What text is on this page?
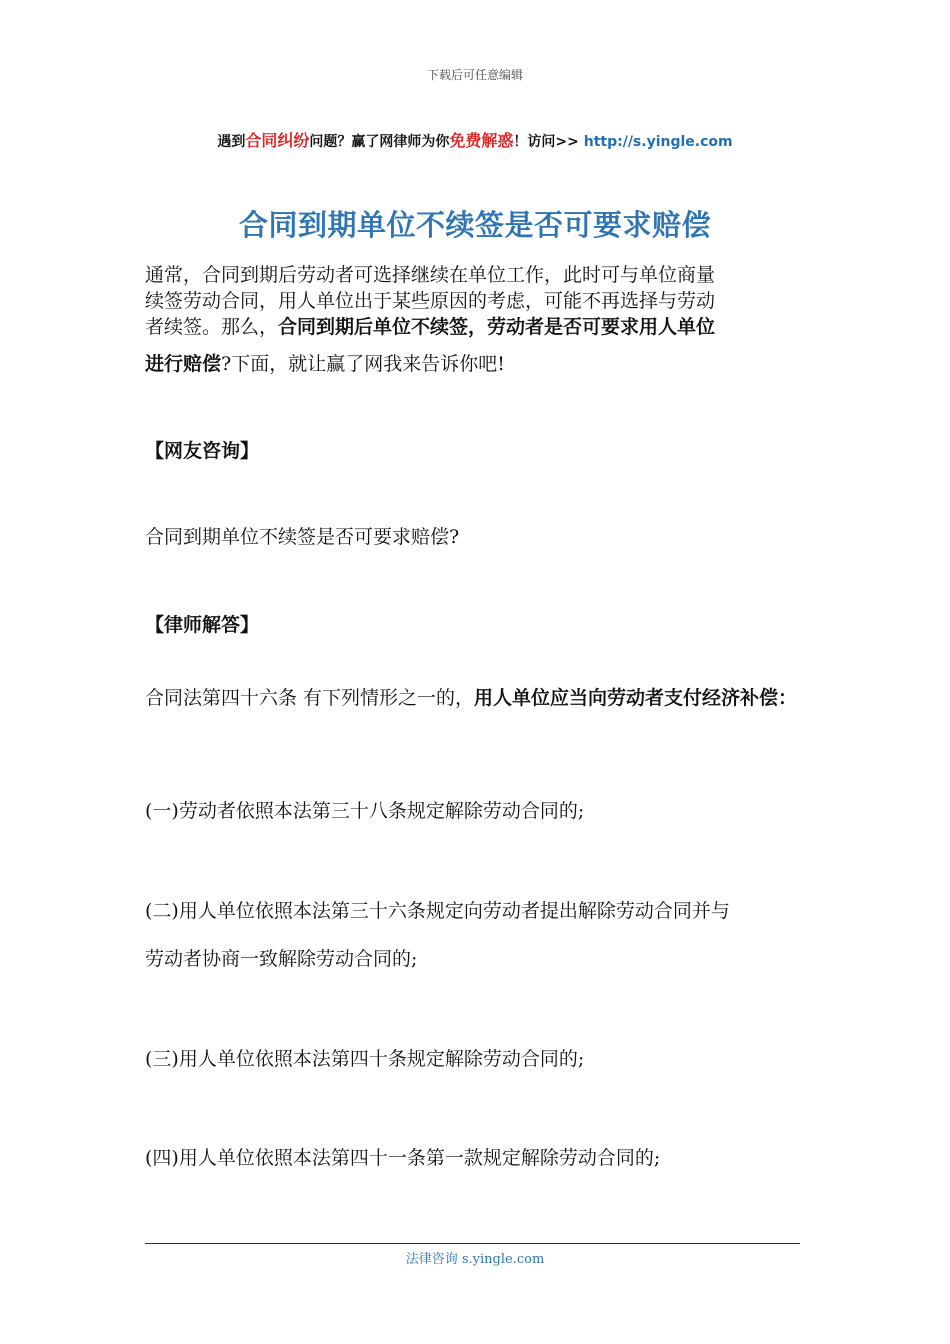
下载后可任意编辑
遇到合同纠纷问题？赢了网律师为你免费解惑！访问>> http://s.yingle.com
合同到期单位不续签是否可要求赔偿
通常，合同到期后劳动者可选择继续在单位工作，此时可与单位商量
续签劳动合同，用人单位出于某些原因的考虑，可能不再选择与劳动
者续签。那么，合同到期后单位不续签，劳动者是否可要求用人单位
进行赔偿?下面，就让赢了网我来告诉你吧!
【网友咨询】
合同到期单位不续签是否可要求赔偿?
【律师解答】
合同法第四十六条 有下列情形之一的，用人单位应当向劳动者支付经济补偿：
(一)劳动者依照本法第三十八条规定解除劳动合同的;
(二)用人单位依照本法第三十六条规定向劳动者提出解除劳动合同并与
劳动者协商一致解除劳动合同的;
(三)用人单位依照本法第四十条规定解除劳动合同的;
(四)用人单位依照本法第四十一条第一款规定解除劳动合同的;
法律咨询 s.yingle.com
